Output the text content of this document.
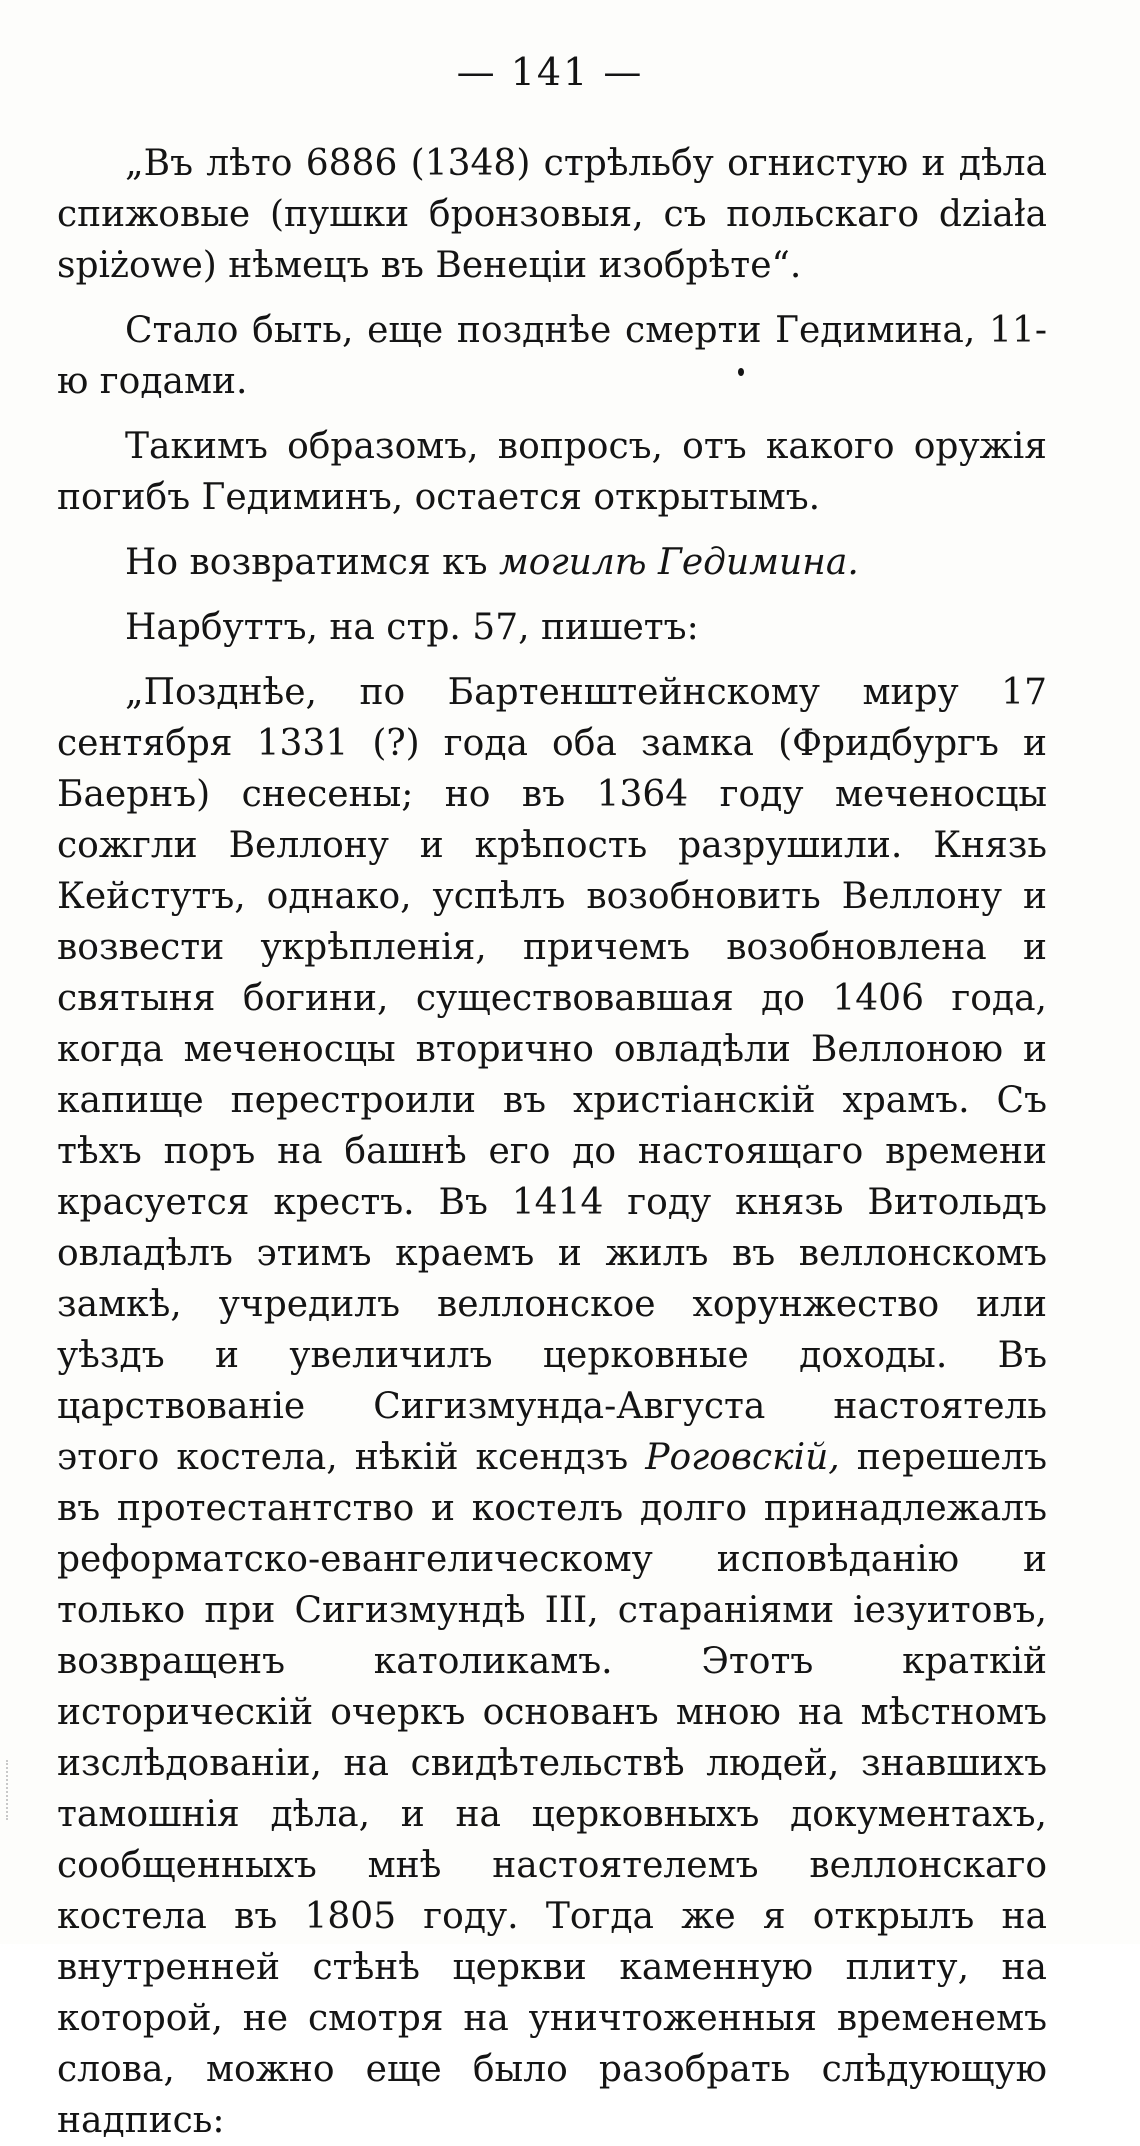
— 141 —

„Въ лѣто 6886 (1348) стрѣльбу огнистую и дѣла спижовые (пушки бронзовыя, съ польскаго działa spiżowe) нѣмецъ въ Венеціи изобрѣте“.

Стало быть, еще позднѣе смерти Гедимина, 11-ю годами.

Такимъ образомъ, вопросъ, отъ какого оружія погибъ Гедиминъ, остается открытымъ.

Но возвратимся къ могилѣ Гедимина.

Нарбуттъ, на стр. 57, пишетъ:

„Позднѣе, по Бартенштейнскому миру 17 сентября 1331 (?) года оба замка (Фридбургъ и Баернъ) снесены; но въ 1364 году меченосцы сожгли Веллону и крѣпость разрушили. Князь Кейстутъ, однако, успѣлъ возобновить Веллону и возвести укрѣпленія, причемъ возобновлена и святыня богини, существовавшая до 1406 года, когда меченосцы вторично овладѣли Веллоною и капище перестроили въ христіанскій храмъ. Съ тѣхъ поръ на башнѣ его до настоящаго времени красуется крестъ. Въ 1414 году князь Витольдъ овладѣлъ этимъ краемъ и жилъ въ веллонскомъ замкѣ, учредилъ веллонское хорунжество или уѣздъ и увеличилъ церковные доходы. Въ царствованіе Сигизмунда-Августа настоятель этого костела, нѣкій ксендзъ Роговскій, перешелъ въ протестантство и костелъ долго принадлежалъ реформатско-евангелическому исповѣданію и только при Сигизмундѣ III, стараніями іезуитовъ, возвращенъ католикамъ. Этотъ краткій историческій очеркъ основанъ мною на мѣстномъ изслѣдованіи, на свидѣтельствѣ людей, знавшихъ тамошнія дѣла, и на церковныхъ документахъ, сообщенныхъ мнѣ настоятелемъ веллонскаго костела въ 1805 году. Тогда же я открылъ на внутренней стѣнѣ церкви каменную плиту, на которой, не смотря на уничтоженныя временемъ слова, можно еще было разобрать слѣдующую надпись:
